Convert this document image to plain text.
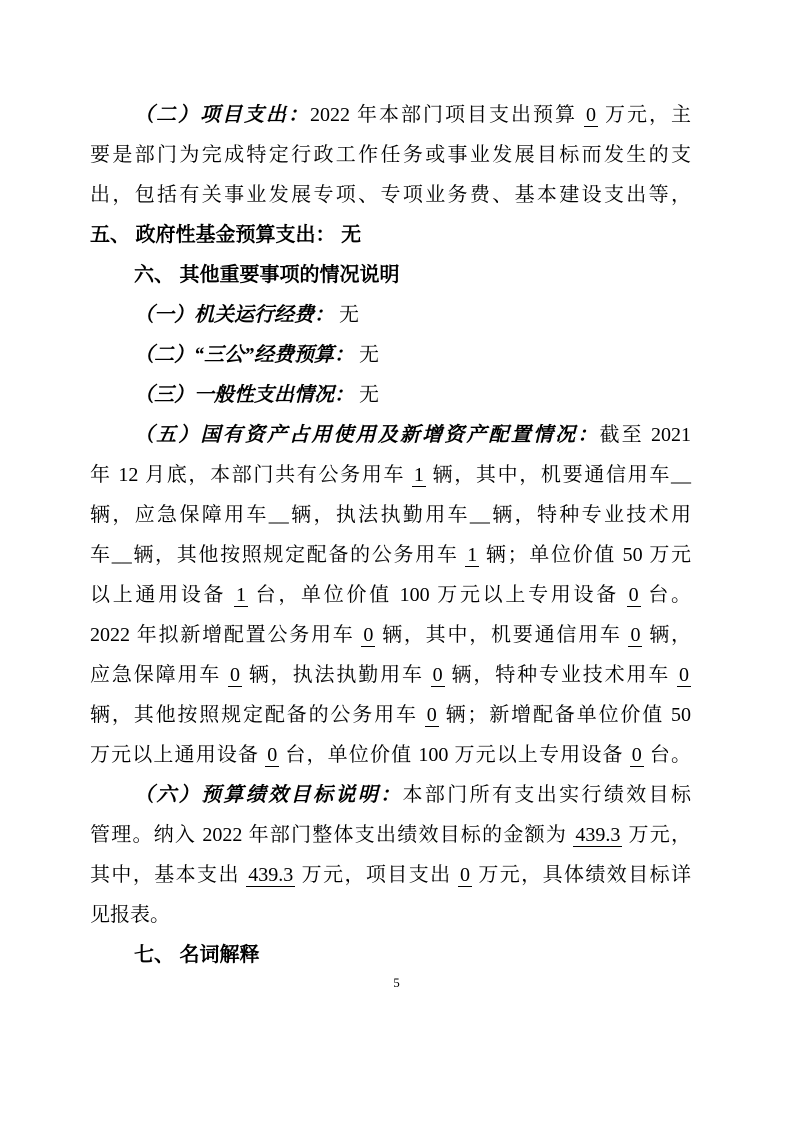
（二）项目支出：2022 年本部门项目支出预算 0 万元，主
要是部门为完成特定行政工作任务或事业发展目标而发生的支
出，包括有关事业发展专项、专项业务费、基本建设支出等，
五、 政府性基金预算支出： 无
六、 其他重要事项的情况说明
（一）机关运行经费： 无
（二）“三公”经费预算： 无
（三）一般性支出情况： 无
（五）国有资产占用使用及新增资产配置情况：截至 2021
年 12 月底，本部门共有公务用车 1 辆，其中，机要通信用车__
辆，应急保障用车__辆，执法执勤用车__辆，特种专业技术用
车__辆，其他按照规定配备的公务用车 1 辆；单位价值 50 万元
以上通用设备 1 台，单位价值 100 万元以上专用设备 0 台。
2022 年拟新增配置公务用车 0 辆，其中，机要通信用车 0 辆，
应急保障用车 0 辆，执法执勤用车 0 辆，特种专业技术用车 0
辆，其他按照规定配备的公务用车 0 辆；新增配备单位价值 50
万元以上通用设备 0 台，单位价值 100 万元以上专用设备 0 台。
（六）预算绩效目标说明：本部门所有支出实行绩效目标
管理。纳入 2022 年部门整体支出绩效目标的金额为 439.3 万元，
其中，基本支出 439.3 万元，项目支出 0 万元，具体绩效目标详
见报表。
七、 名词解释
5
